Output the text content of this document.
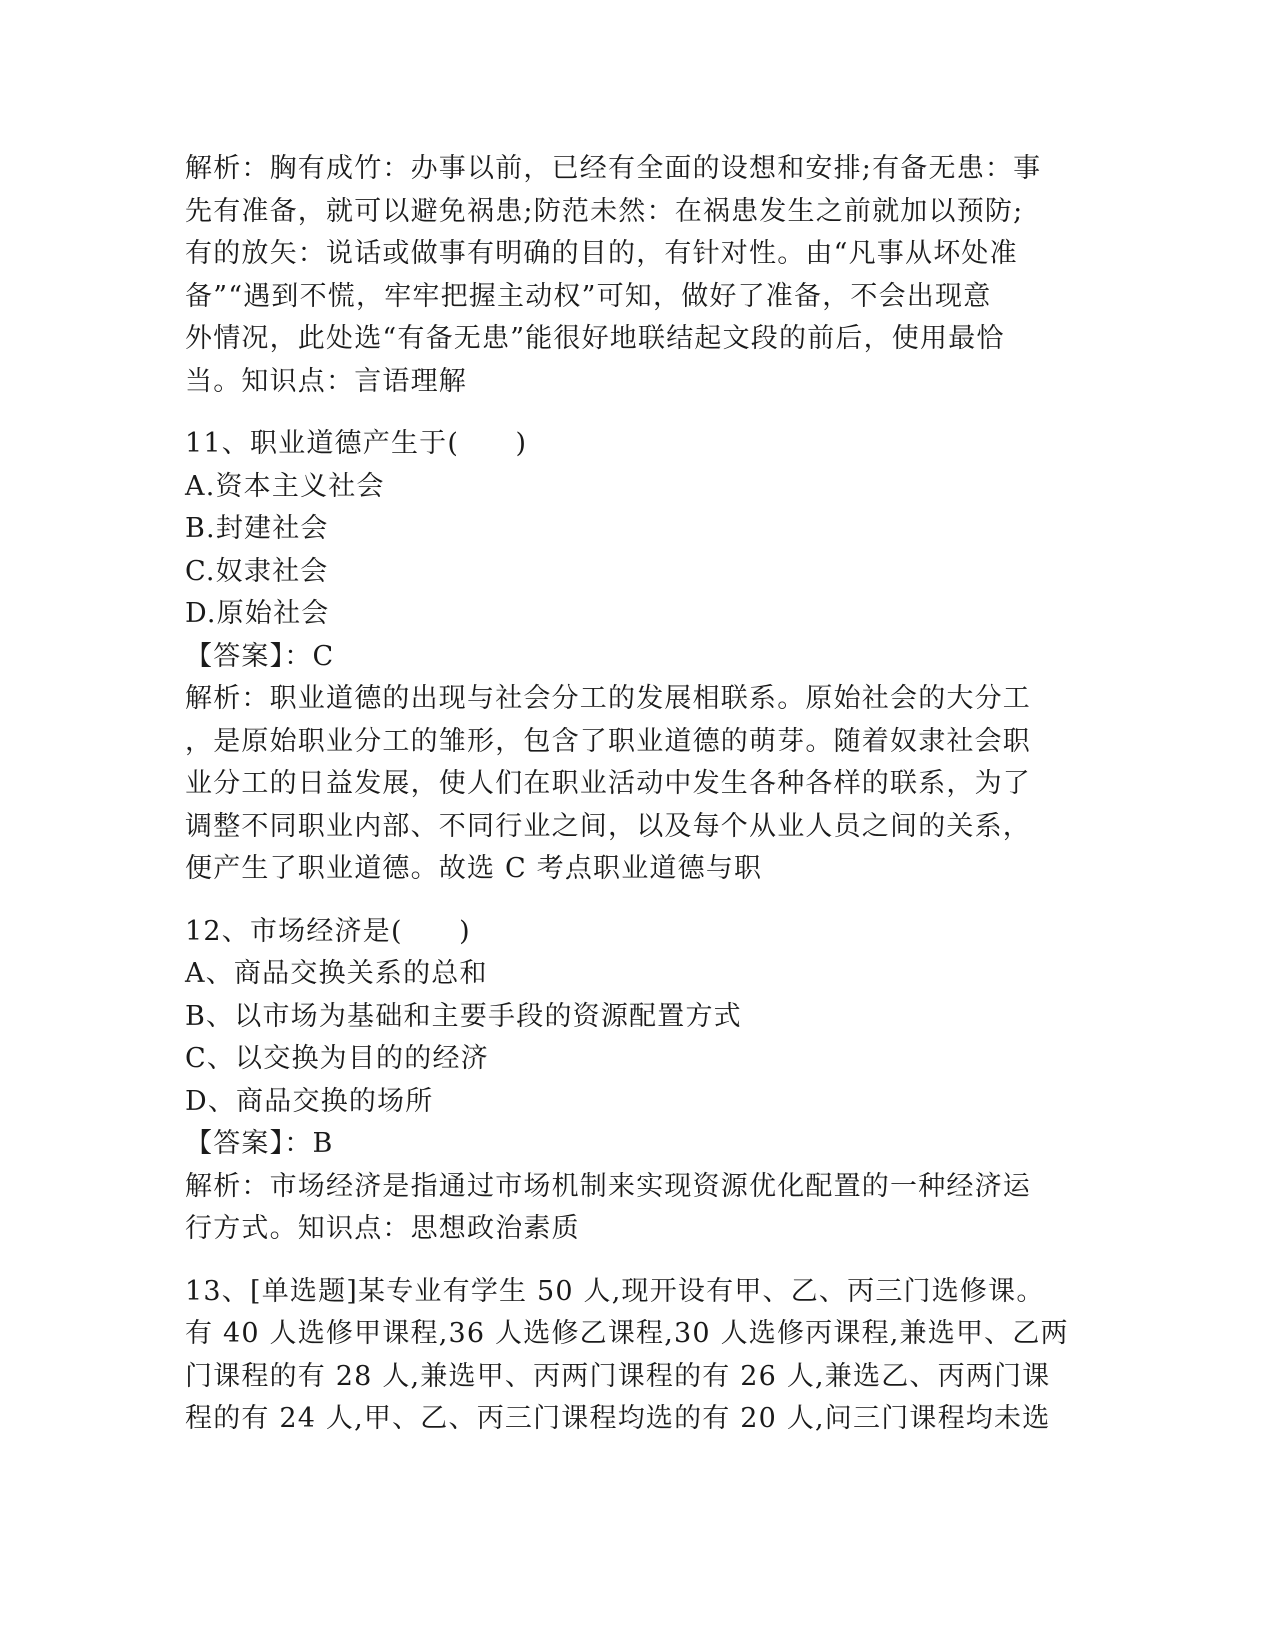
解析：胸有成竹：办事以前，已经有全面的设想和安排;有备无患：事
先有准备，就可以避免祸患;防范未然：在祸患发生之前就加以预防;
有的放矢：说话或做事有明确的目的，有针对性。由“凡事从坏处准
备”“遇到不慌，牢牢把握主动权”可知，做好了准备，不会出现意
外情况，此处选“有备无患”能很好地联结起文段的前后，使用最恰
当。知识点：言语理解
11、职业道德产生于(　　)
A.资本主义社会
B.封建社会
C.奴隶社会
D.原始社会
【答案】：C
解析：职业道德的出现与社会分工的发展相联系。原始社会的大分工
，是原始职业分工的雏形，包含了职业道德的萌芽。随着奴隶社会职
业分工的日益发展，使人们在职业活动中发生各种各样的联系，为了
调整不同职业内部、不同行业之间，以及每个从业人员之间的关系，
便产生了职业道德。故选 C 考点职业道德与职
12、市场经济是(　　)
A、商品交换关系的总和
B、以市场为基础和主要手段的资源配置方式
C、以交换为目的的经济
D、商品交换的场所
【答案】：B
解析：市场经济是指通过市场机制来实现资源优化配置的一种经济运
行方式。知识点：思想政治素质
13、[单选题]某专业有学生 50 人,现开设有甲、乙、丙三门选修课。
有 40 人选修甲课程,36 人选修乙课程,30 人选修丙课程,兼选甲、乙两
门课程的有 28 人,兼选甲、丙两门课程的有 26 人,兼选乙、丙两门课
程的有 24 人,甲、乙、丙三门课程均选的有 20 人,问三门课程均未选
